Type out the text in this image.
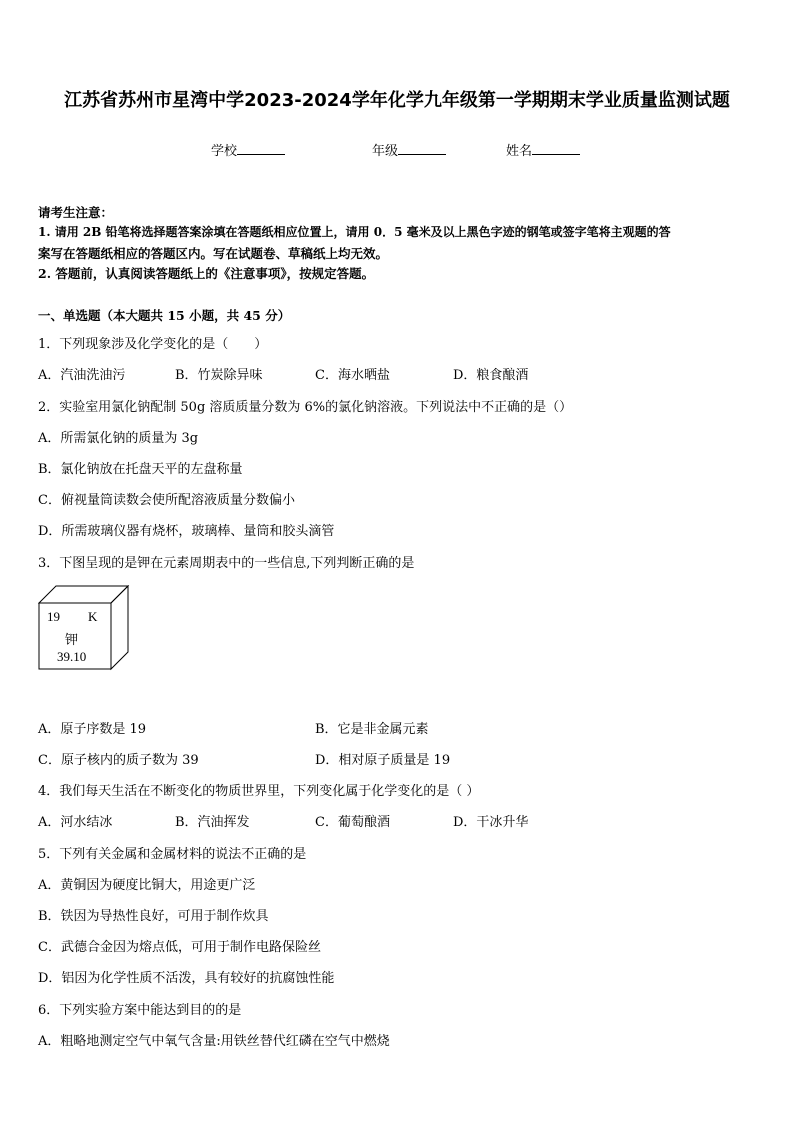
江苏省苏州市星湾中学2023-2024学年化学九年级第一学期期末学业质量监测试题
学校	年级	姓名
请考生注意：
1. 请用 2B 铅笔将选择题答案涂填在答题纸相应位置上，请用 0．5 毫米及以上黑色字迹的钢笔或签字笔将主观题的答
案写在答题纸相应的答题区内。写在试题卷、草稿纸上均无效。
2. 答题前，认真阅读答题纸上的《注意事项》，按规定答题。
一、单选题（本大题共 15 小题，共 45 分）
1．下列现象涉及化学变化的是（　　）
A．汽油洗油污	B．竹炭除异味	C．海水晒盐	D．粮食酿酒
2．实验室用氯化钠配制 50g 溶质质量分数为 6%的氯化钠溶液。下列说法中不正确的是（）
A．所需氯化钠的质量为 3g
B．氯化钠放在托盘天平的左盘称量
C．俯视量筒读数会使所配溶液质量分数偏小
D．所需玻璃仪器有烧杯，玻璃棒、量筒和胶头滴管
3．下图呈现的是钾在元素周期表中的一些信息,下列判断正确的是
19 K
钾
39.10
A．原子序数是 19	B．它是非金属元素
C．原子核内的质子数为 39	D．相对原子质量是 19
4．我们每天生活在不断变化的物质世界里，下列变化属于化学变化的是（ ）
A．河水结冰	B．汽油挥发	C．葡萄酿酒	D．干冰升华
5．下列有关金属和金属材料的说法不正确的是
A．黄铜因为硬度比铜大，用途更广泛
B．铁因为导热性良好，可用于制作炊具
C．武德合金因为熔点低，可用于制作电路保险丝
D．铝因为化学性质不活泼，具有较好的抗腐蚀性能
6．下列实验方案中能达到目的的是
A．粗略地测定空气中氧气含量:用铁丝替代红磷在空气中燃烧
